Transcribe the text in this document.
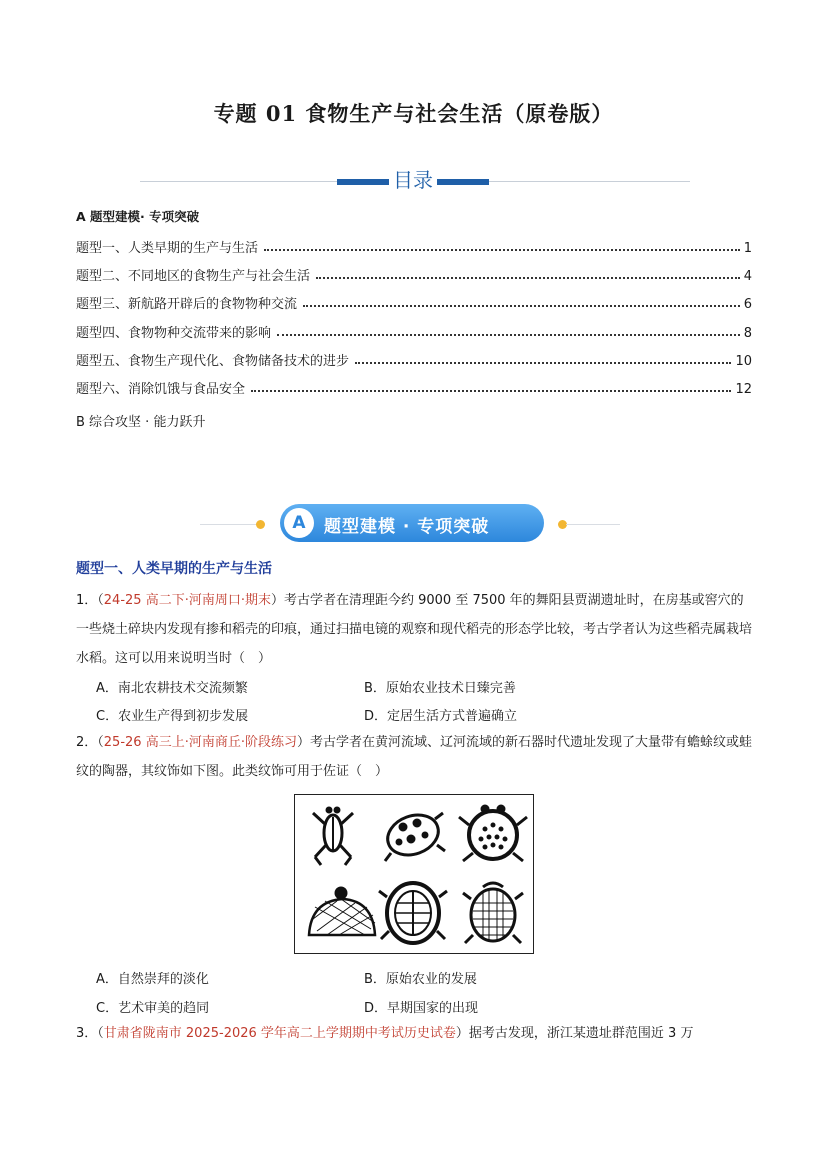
专题 01 食物生产与社会生活（原卷版）
目录
A 题型建模· 专项突破
题型一、人类早期的生产与生活	1
题型二、不同地区的食物生产与社会生活	4
题型三、新航路开辟后的食物物种交流	6
题型四、食物物种交流带来的影响	8
题型五、食物生产现代化、食物储备技术的进步	10
题型六、消除饥饿与食品安全	12
B 综合攻坚 · 能力跃升
A	题型建模 · 专项突破
题型一、人类早期的生产与生活
1．（24-25 高二下·河南周口·期末）考古学者在清理距今约 9000 至 7500 年的舞阳县贾湖遗址时，在房基或窖穴的一些烧土碎块内发现有掺和稻壳的印痕，通过扫描电镜的观察和现代稻壳的形态学比较，考古学者认为这些稻壳属栽培水稻。这可以用来说明当时（　）
A．南北农耕技术交流频繁	B．原始农业技术日臻完善
C．农业生产得到初步发展	D．定居生活方式普遍确立
2．（25-26 高三上·河南商丘·阶段练习）考古学者在黄河流域、辽河流域的新石器时代遗址发现了大量带有蟾蜍纹或蛙纹的陶器，其纹饰如下图。此类纹饰可用于佐证（　）
A．自然崇拜的淡化	B．原始农业的发展
C．艺术审美的趋同	D．早期国家的出现
3．（甘肃省陇南市 2025-2026 学年高二上学期期中考试历史试卷）据考古发现，浙江某遗址群范围近 3 万
